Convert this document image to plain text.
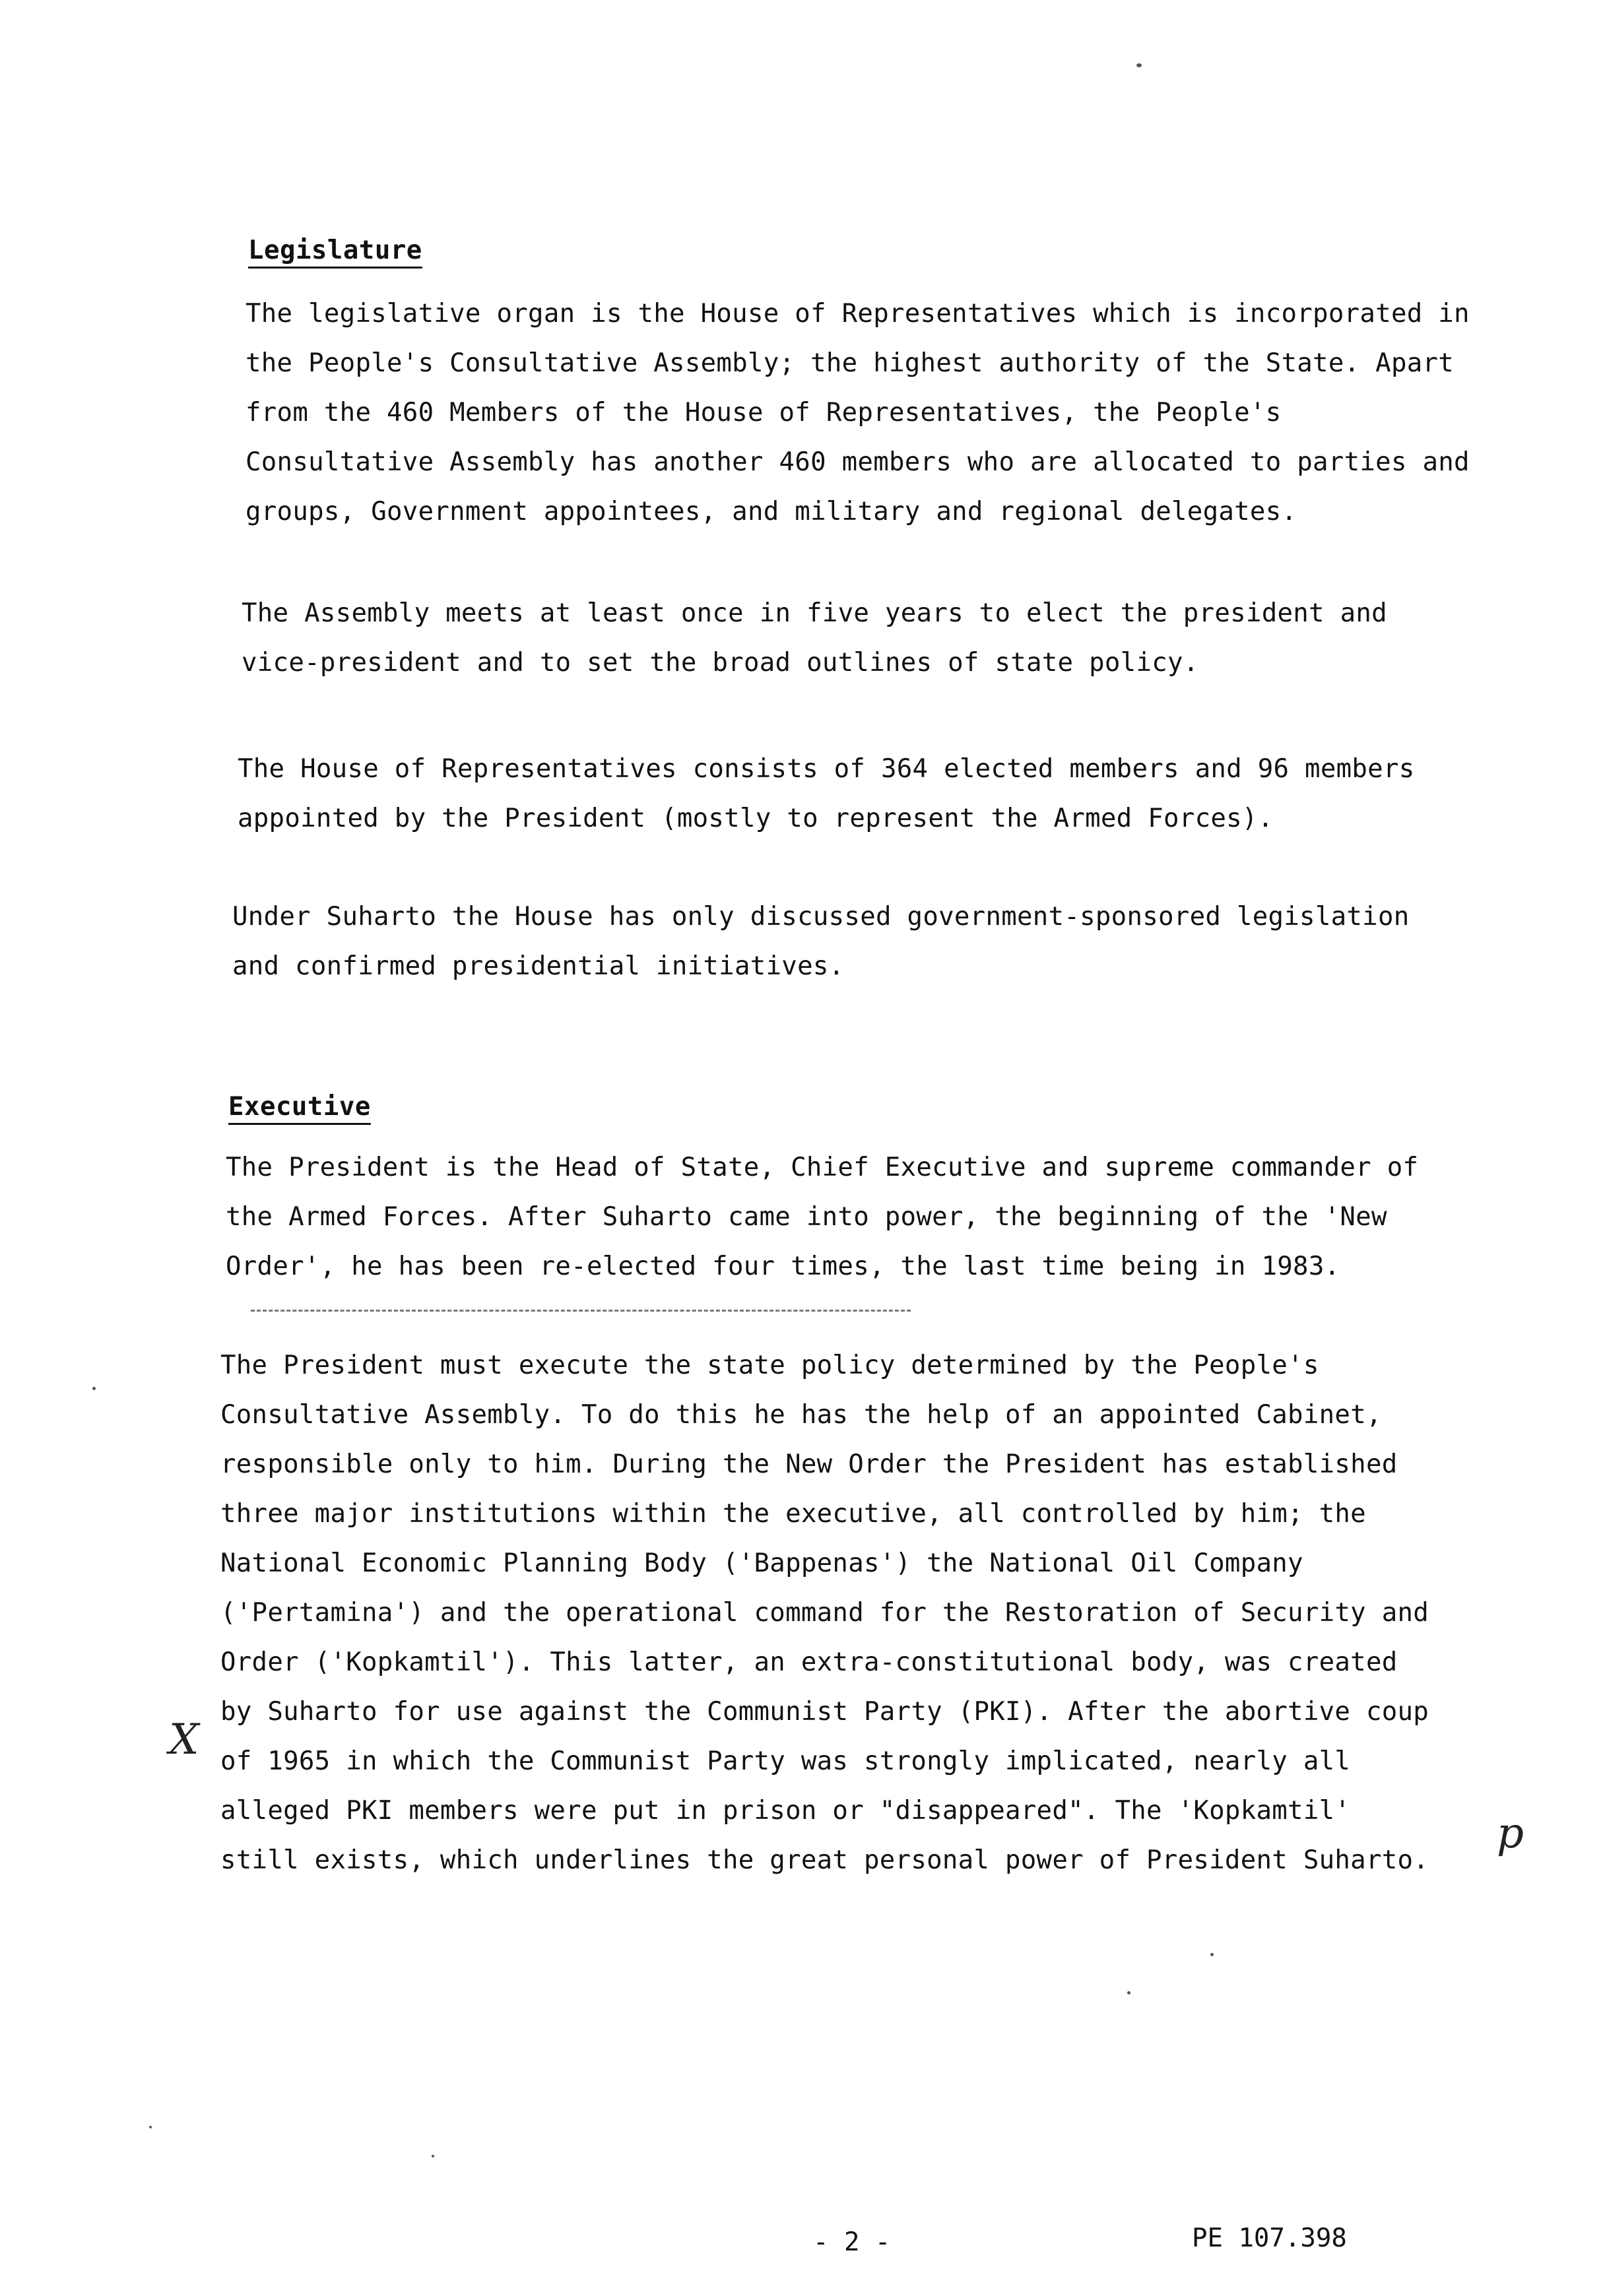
Legislature
The legislative organ is the House of Representatives which is incorporated in
the People's Consultative Assembly; the highest authority of the State. Apart
from the 460 Members of the House of Representatives, the People's
Consultative Assembly has another 460 members who are allocated to parties and
groups, Government appointees, and military and regional delegates.
The Assembly meets at least once in five years to elect the president and
vice-president and to set the broad outlines of state policy.
The House of Representatives consists of 364 elected members and 96 members
appointed by the President (mostly to represent the Armed Forces).
Under Suharto the House has only discussed government-sponsored legislation
and confirmed presidential initiatives.
Executive
The President is the Head of State, Chief Executive and supreme commander of
the Armed Forces. After Suharto came into power, the beginning of the 'New
Order', he has been re-elected four times, the last time being in 1983.
The President must execute the state policy determined by the People's
Consultative Assembly. To do this he has the help of an appointed Cabinet,
responsible only to him. During the New Order the President has established
three major institutions within the executive, all controlled by him; the
National Economic Planning Body ('Bappenas') the National Oil Company
('Pertamina') and the operational command for the Restoration of Security and
Order ('Kopkamtil'). This latter, an extra-constitutional body, was created
by Suharto for use against the Communist Party (PKI). After the abortive coup
of 1965 in which the Communist Party was strongly implicated, nearly all
alleged PKI members were put in prison or "disappeared". The 'Kopkamtil'
still exists, which underlines the great personal power of President Suharto.
X
p
- 2 -	PE 107.398
